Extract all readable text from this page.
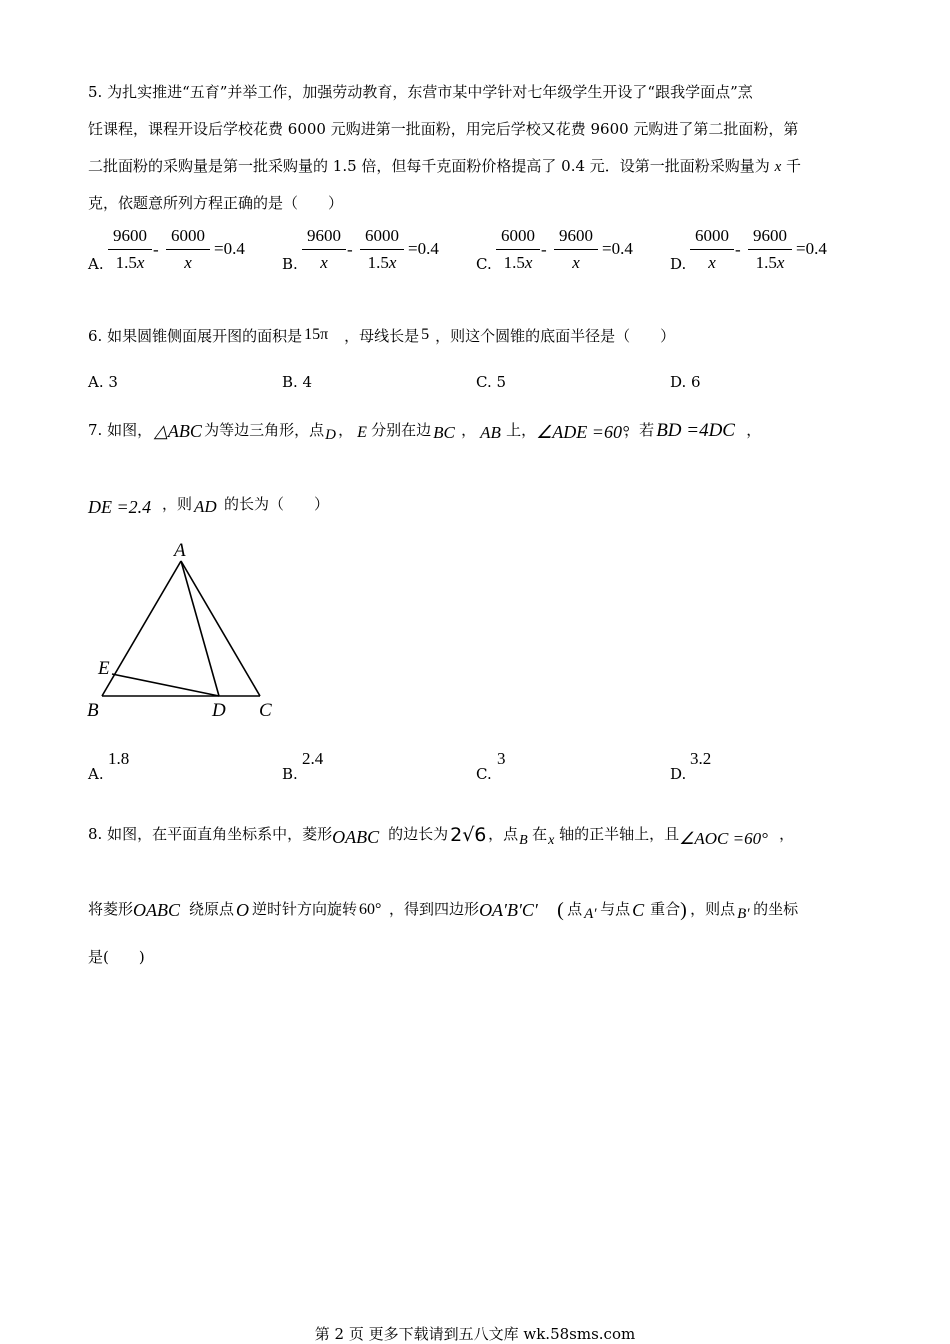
5. 为扎实推进“五育”并举工作，加强劳动教育，东营市某中学针对七年级学生开设了“跟我学面点”烹
饪课程，课程开设后学校花费 6000 元购进第一批面粉，用完后学校又花费 9600 元购进了第二批面粉，第
二批面粉的采购量是第一批采购量的 1.5 倍，但每千克面粉价格提高了 0.4 元．设第一批面粉采购量为 x 千
克，依题意所列方程正确的是（　　）
A.
9600
1.5x
-
6000
x
=0.4
B.
9600
x
-
6000
1.5x
=0.4
C.
6000
1.5x
-
9600
x
=0.4
D.
6000
x
-
9600
1.5x
=0.4
6. 如果圆锥侧面展开图的面积是 15π ，母线长是 5 ，则这个圆锥的底面半径是（　　）
A. 3	B. 4	C. 5	D. 6
7. 如图， △ABC 为等边三角形，点 D ， E 分别在边 BC ， AB 上， ∠ADE =60°
，若 BD =4DC ，
DE =2.4 ，则 AD 的长为（　　）
A
E
B	D C
A.
1.8
B.
2.4
C.
3
D.
3.2
8. 如图，在平面直角坐标系中，菱形 OABC 的边长为 2√6 ，点 B 在 x 轴的正半轴上，且 ∠AOC =60° ，
将菱形 OABC 绕原点 O 逆时针方向旋转 60° ，得到四边形 OA′B′C′ ( 点 A′ 与点 C 重合 ) ，则点 B′ 的坐标
是(　　)
第 2 页 更多下载请到五八文库 wk.58sms.com
